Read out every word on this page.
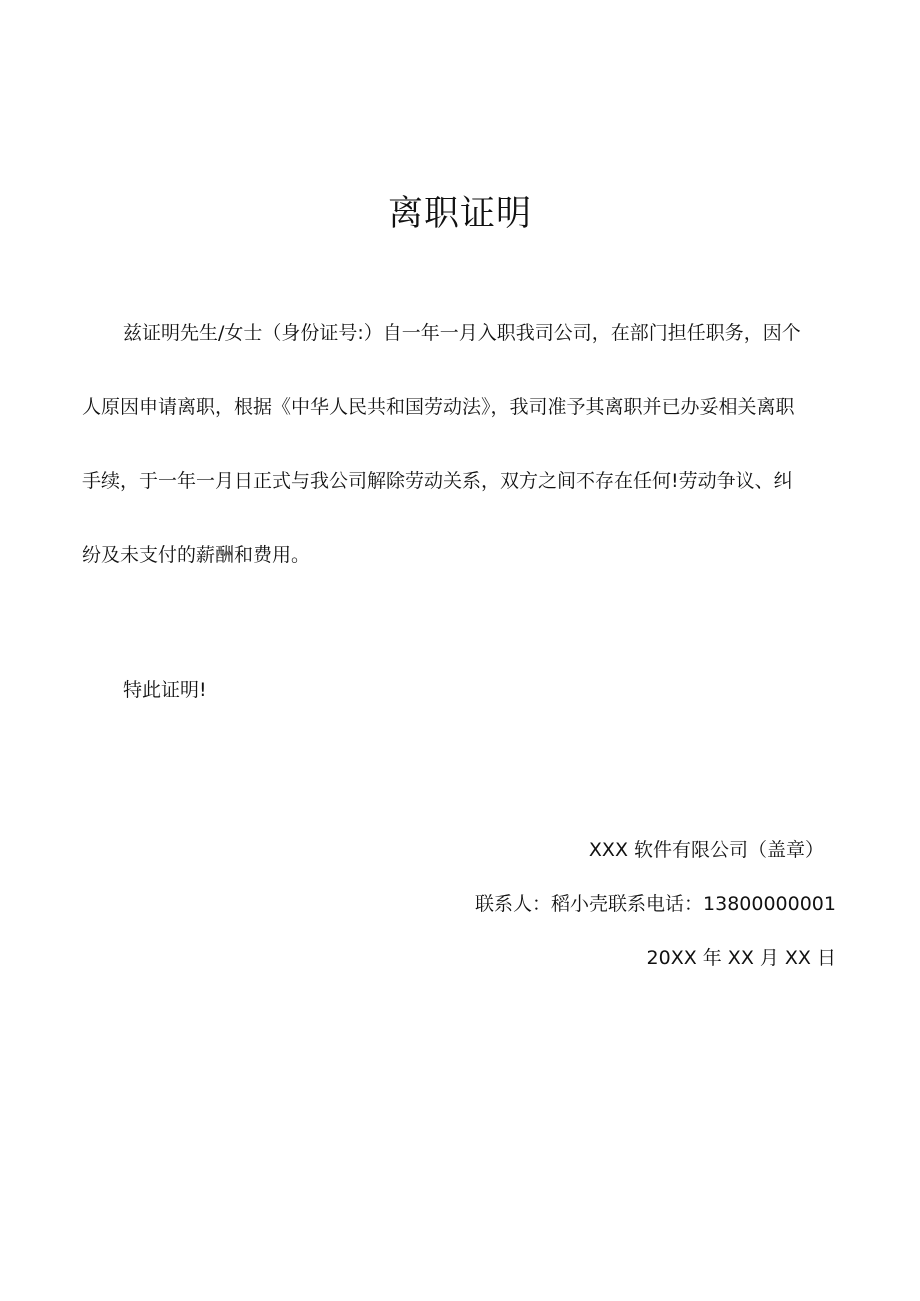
离职证明
兹证明先生/女士（身份证号:）自一年一月入职我司公司，在部门担任职务，因个
人原因申请离职，根据《中华人民共和国劳动法》，我司准予其离职并已办妥相关离职
手续，于一年一月日正式与我公司解除劳动关系，双方之间不存在任何!劳动争议、纠
纷及未支付的薪酬和费用。
特此证明!
XXX 软件有限公司（盖章）
联系人：稻小壳联系电话：13800000001
20XX 年 XX 月 XX 日
